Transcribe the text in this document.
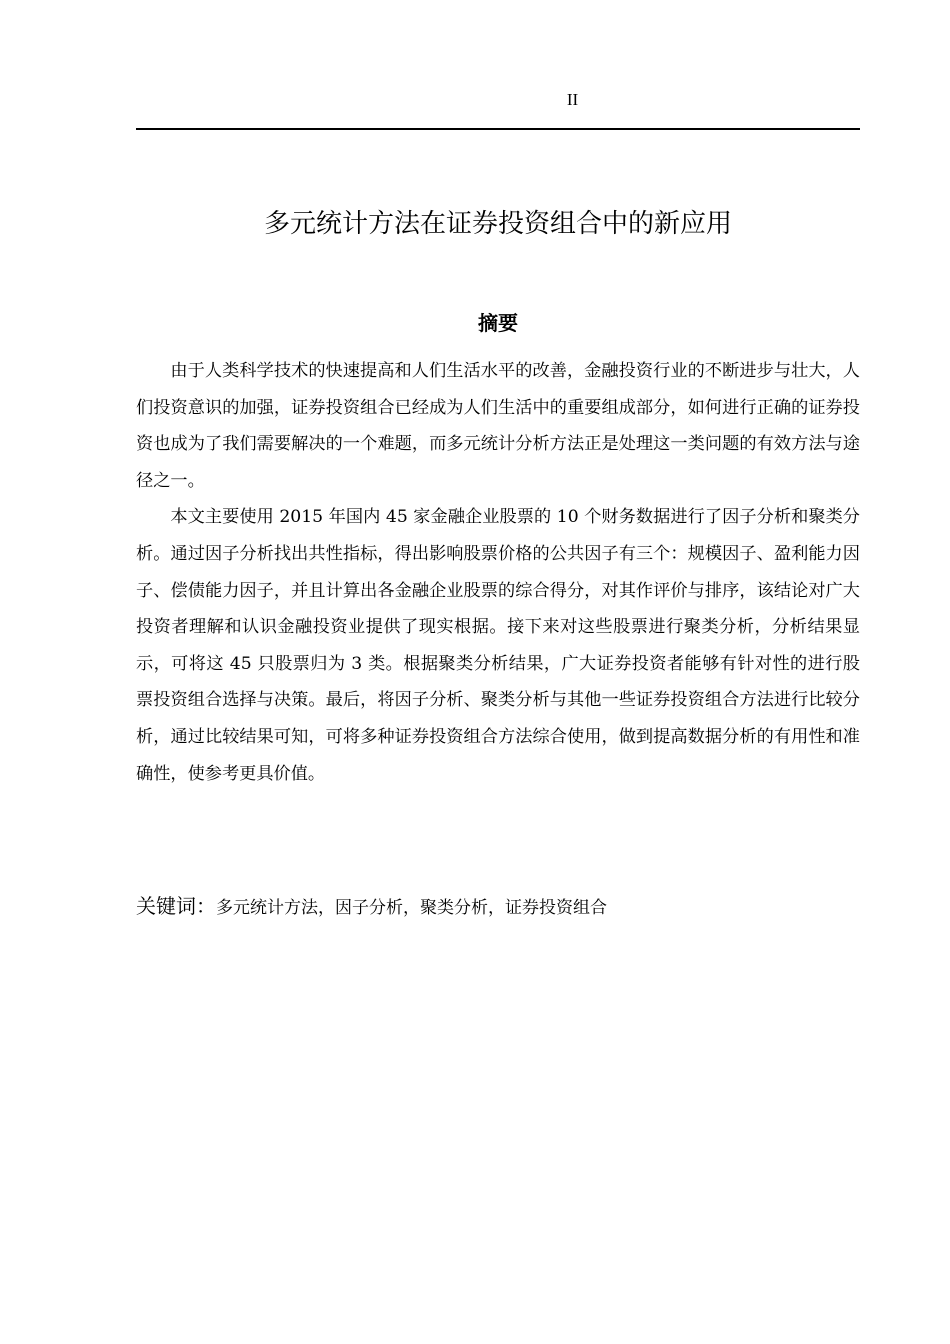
II
多元统计方法在证券投资组合中的新应用
摘要

由于人类科学技术的快速提高和人们生活水平的改善，金融投资行业的不断进步与壮大，人们投资意识的加强，证券投资组合已经成为人们生活中的重要组成部分，如何进行正确的证券投资也成为了我们需要解决的一个难题，而多元统计分析方法正是处理这一类问题的有效方法与途径之一。

本文主要使用 2015 年国内 45 家金融企业股票的 10 个财务数据进行了因子分析和聚类分析。通过因子分析找出共性指标，得出影响股票价格的公共因子有三个：规模因子、盈利能力因子、偿债能力因子，并且计算出各金融企业股票的综合得分，对其作评价与排序，该结论对广大投资者理解和认识金融投资业提供了现实根据。接下来对这些股票进行聚类分析，分析结果显示，可将这 45 只股票归为 3 类。根据聚类分析结果，广大证券投资者能够有针对性的进行股票投资组合选择与决策。最后，将因子分析、聚类分析与其他一些证券投资组合方法进行比较分析，通过比较结果可知，可将多种证券投资组合方法综合使用，做到提高数据分析的有用性和准确性，使参考更具价值。

关键词：多元统计方法，因子分析，聚类分析，证券投资组合
